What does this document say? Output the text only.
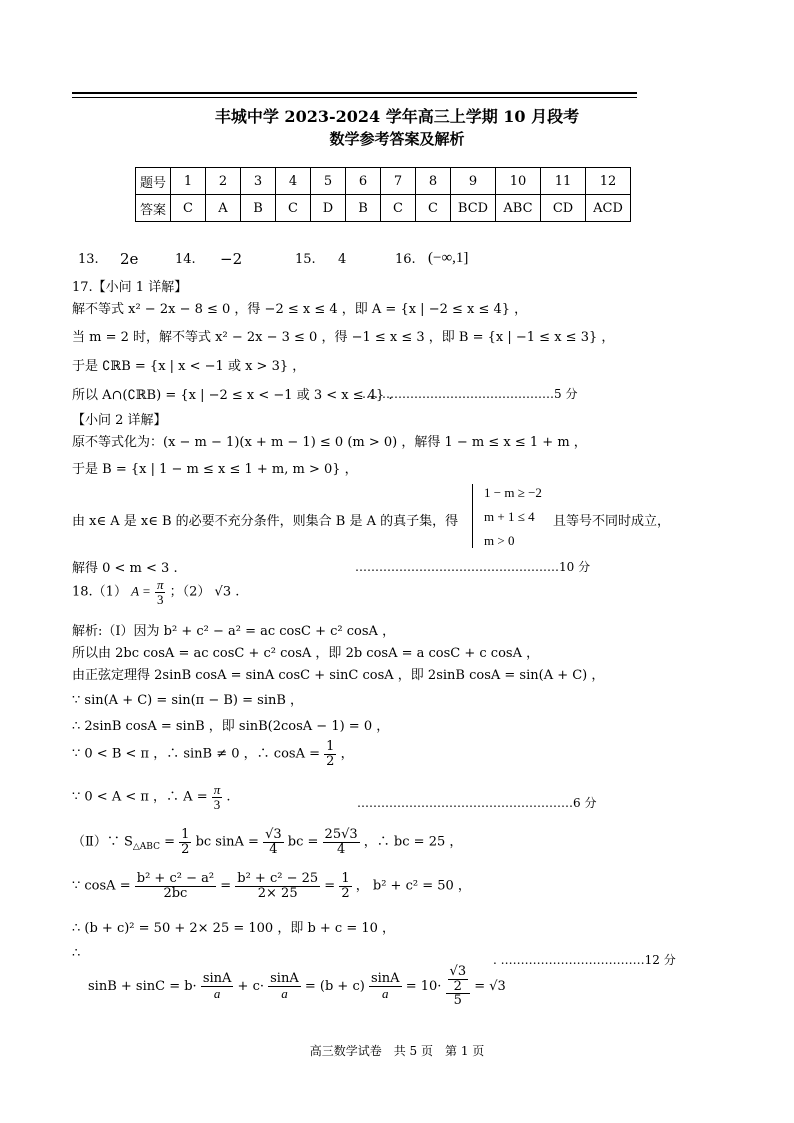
丰城中学 2023-2024 学年高三上学期 10 月段考
数学参考答案及解析
题号	1	2	3	4	5	6	7	8	9	10	11	12
答案	C	A	B	C	D	B	C	C	BCD	ABC	CD	ACD
13. 2e	14. −2	15. 4	16. (−∞,1]
17.【小问 1 详解】
解不等式 x² − 2x − 8 ≤ 0 ，得 −2 ≤ x ≤ 4 ，即 A = {x | −2 ≤ x ≤ 4} ，
当 m = 2 时，解不等式 x² − 2x − 3 ≤ 0 ，得 −1 ≤ x ≤ 3 ，即 B = {x | −1 ≤ x ≤ 3} ，
于是 ∁ℝB = {x | x < −1 或 x > 3} ，
所以 A∩(∁ℝB) = {x | −2 ≤ x < −1 或 3 < x ≤ 4} .
…………………………………………5 分
【小问 2 详解】
原不等式化为：(x − m − 1)(x + m − 1) ≤ 0 (m > 0) ，解得 1 − m ≤ x ≤ 1 + m ，
于是 B = {x | 1 − m ≤ x ≤ 1 + m, m > 0} ，
由 x∈ A 是 x∈ B 的必要不充分条件，则集合 B 是 A 的真子集，得
1 − m ≥ −2
m + 1 ≤ 4
m > 0
且等号不同时成立，
解得 0 < m < 3 .	……………………………………………10 分
18.（1） $A = \frac{\pi}{3}$ ；（2） √3 .
解析:（Ⅰ）因为 b² + c² − a² = ac cosC + c² cosA ，
所以由 2bc cosA = ac cosC + c² cosA ，即 2b cosA = a cosC + c cosA ，
由正弦定理得 2sinB cosA = sinA cosC + sinC cosA ，即 2sinB cosA = sin(A + C) ，
∵ sin(A + C) = sin(π − B) = sinB ，
∴ 2sinB cosA = sinB ，即 sinB(2cosA − 1) = 0 ，
∵ 0 < B < π ，∴ sinB ≠ 0 ，∴ $\cos A = \frac{1}{2}$ ，
∵ 0 < A < π ，∴ $A = \frac{\pi}{3}$ .	………………………………………………6 分
（Ⅱ）∵ $S_{\triangle ABC} = \frac{1}{2}$ bc $\sin A = \frac{√3}{4}$ bc = $\frac{25√3}{4}$ ，∴ bc = 25 ，
∵ $\cos A = \frac{\text{b² + c² − a²}}{2bc} = \frac{\text{b² + c² − 25}}{2\times 25} = \frac{1}{2}$ ， b² + c² = 50 ，
∴ (b + c)² = 50 + 2× 25 = 100 ，即 b + c = 10 ，
∴
$\sin B + \sin C = b\cdot \frac{\sin A}{a} + c\cdot \frac{\sin A}{a} = (b + c) \frac{\sin A}{a} = 10\cdot \frac{\frac{√3}{2}}{5} = √3$
. ………………………………12 分
高三数学试卷　共 5 页　第 1 页
